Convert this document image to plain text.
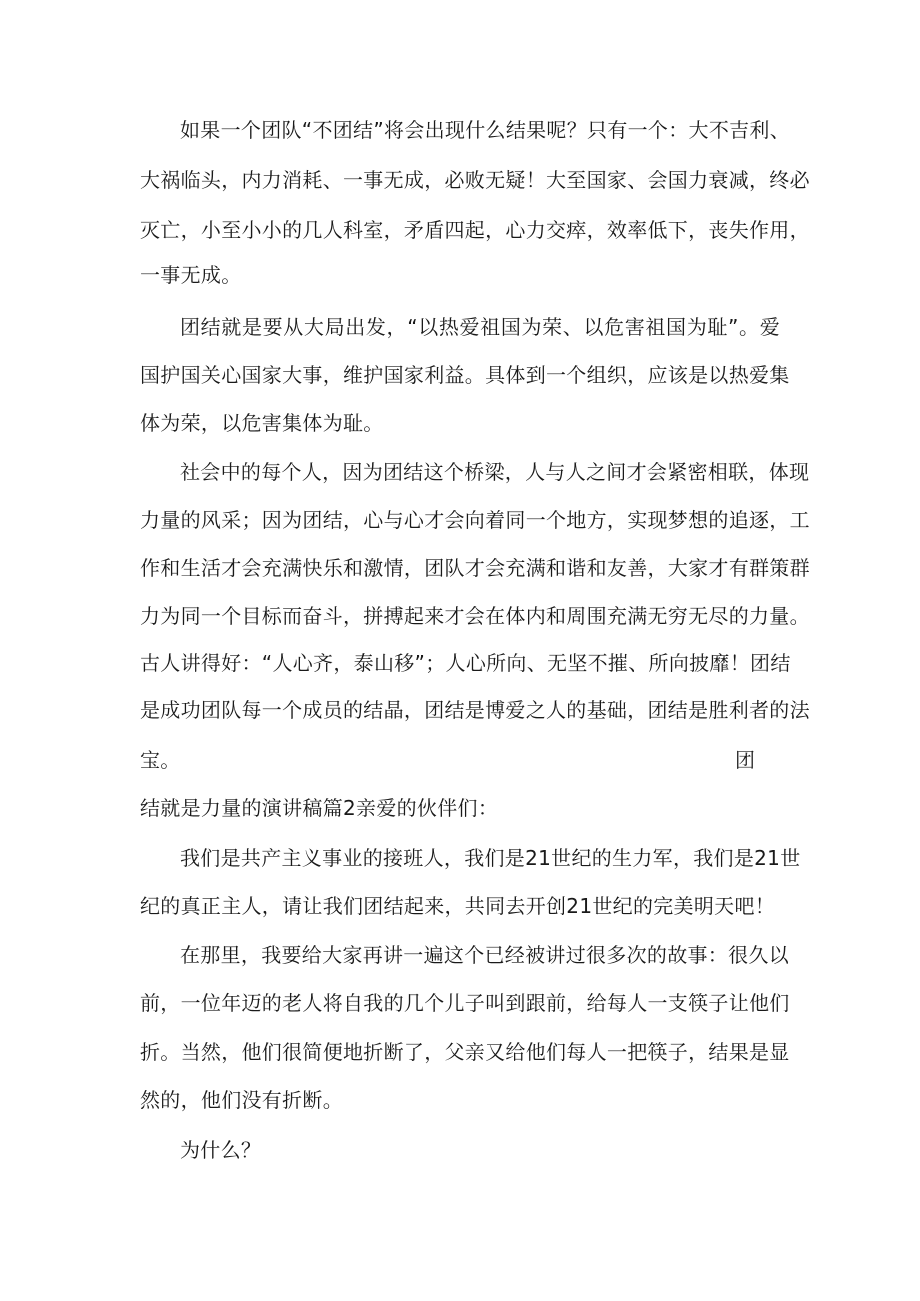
如果一个团队“不团结”将会出现什么结果呢？只有一个：大不吉利、
大祸临头，内力消耗、一事无成，必败无疑！大至国家、会国力衰减，终必
灭亡，小至小小的几人科室，矛盾四起，心力交瘁，效率低下，丧失作用，
一事无成。
团结就是要从大局出发，“以热爱祖国为荣、以危害祖国为耻”。爱
国护国关心国家大事，维护国家利益。具体到一个组织，应该是以热爱集
体为荣，以危害集体为耻。
社会中的每个人，因为团结这个桥梁，人与人之间才会紧密相联，体现
力量的风采；因为团结，心与心才会向着同一个地方，实现梦想的追逐，工
作和生活才会充满快乐和激情，团队才会充满和谐和友善，大家才有群策群
力为同一个目标而奋斗，拼搏起来才会在体内和周围充满无穷无尽的力量。
古人讲得好：“人心齐，泰山移”；人心所向、无坚不摧、所向披靡！团结
是成功团队每一个成员的结晶，团结是博爱之人的基础，团结是胜利者的法
宝。	团
结就是力量的演讲稿篇2亲爱的伙伴们：
我们是共产主义事业的接班人，我们是21世纪的生力军，我们是21世
纪的真正主人，请让我们团结起来，共同去开创21世纪的完美明天吧！
在那里，我要给大家再讲一遍这个已经被讲过很多次的故事：很久以
前，一位年迈的老人将自我的几个儿子叫到跟前，给每人一支筷子让他们
折。当然，他们很简便地折断了，父亲又给他们每人一把筷子，结果是显
然的，他们没有折断。
为什么？
